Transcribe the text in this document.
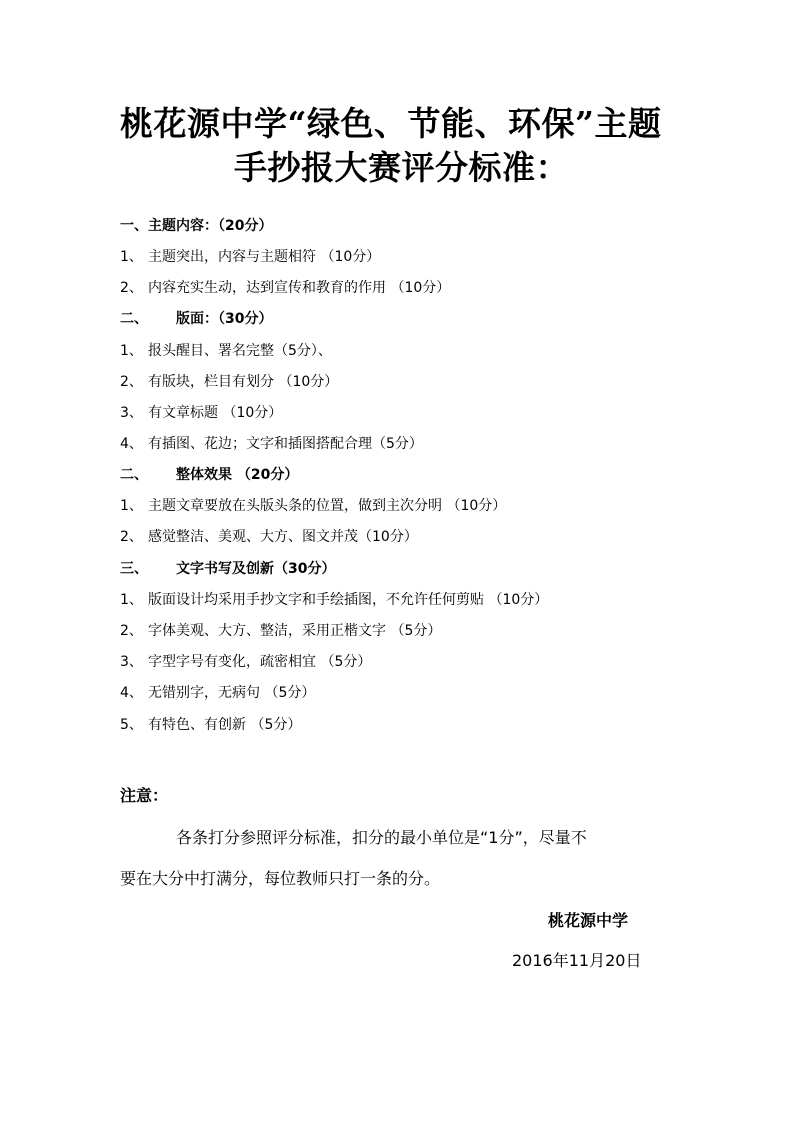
桃花源中学“绿色、节能、环保”主题
手抄报大赛评分标准：
一、主题内容：（20分）
1、 主题突出，内容与主题相符 （10分）
2、 内容充实生动，达到宣传和教育的作用 （10分）
二、 版面：（30分）
1、 报头醒目、署名完整（5分）、
2、 有版块，栏目有划分 （10分）
3、 有文章标题 （10分）
4、 有插图、花边；文字和插图搭配合理（5分）
二、 整体效果 （20分）
1、 主题文章要放在头版头条的位置，做到主次分明 （10分）
2、 感觉整洁、美观、大方、图文并茂（10分）
三、 文字书写及创新（30分）
1、 版面设计均采用手抄文字和手绘插图，不允许任何剪贴 （10分）
2、 字体美观、大方、整洁，采用正楷文字 （5分）
3、 字型字号有变化，疏密相宜 （5分）
4、 无错别字，无病句 （5分）
5、 有特色、有创新 （5分）
注意：
各条打分参照评分标准，扣分的最小单位是“1分”，尽量不
要在大分中打满分，每位教师只打一条的分。
桃花源中学
2016年11月20日
